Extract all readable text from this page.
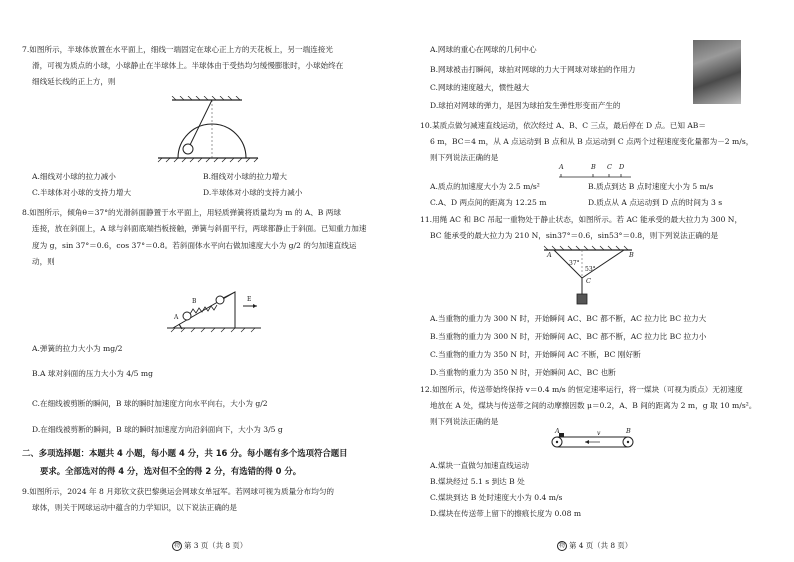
7.如图所示，半球体放置在水平面上，细线一端固定在球心正上方的天花板上，另一端连接光
滑，可视为质点的小球，小球静止在半球体上。半球体由于受热均匀缓慢膨胀时，小球始终在
细线延长线的正上方，则
A.细线对小球的拉力减小	B.细线对小球的拉力增大
C.半球体对小球的支持力增大	D.半球体对小球的支持力减小
8.如图所示，倾角θ＝37°的光滑斜面静置于水平面上，用轻质弹簧将质量均为 m 的 A、B 两球
连接，放在斜面上，A 球与斜面底端挡板接触，弹簧与斜面平行，两球都静止于斜面。已知重力加速
度为 g，sin 37°＝0.6，cos 37°＝0.8。若斜面体水平向右做加速度大小为 g/2 的匀加速直线运
动，则
B
A
E
A.弹簧的拉力大小为 mg/2
B.A 球对斜面的压力大小为 4/5 mg
C.在细线被剪断的瞬间，B 球的瞬时加速度方向水平向右，大小为 g/2
D.在细线被剪断的瞬间，B 球的瞬时加速度方向沿斜面向下，大小为 3/5 g
二、多项选择题：本题共 4 小题，每小题 4 分，共 16 分。每小题有多个选项符合题目
要求。全部选对的得 4 分，选对但不全的得 2 分，有选错的得 0 分。
9.如图所示，2024 年 8 月郑钦文获巴黎奥运会网球女单冠军。若网球可视为质量分布均匀的
球体，则关于网球运动中蕴含的力学知识，以下说法正确的是
物 第 3 页（共 8 页）
A.网球的重心在网球的几何中心
B.网球被击打瞬间，球拍对网球的力大于网球对球拍的作用力
C.网球的速度越大，惯性越大
D.球拍对网球的弹力，是因为球拍发生弹性形变而产生的
10.某质点做匀减速直线运动，依次经过 A、B、C 三点，最后停在 D 点。已知 AB＝
6 m，BC＝4 m，从 A 点运动到 B 点和从 B 点运动到 C 点两个过程速度变化量都为－2 m/s，
则下列说法正确的是
A	B C D
A.质点的加速度大小为 2.5 m/s²	B.质点到达 B 点时速度大小为 5 m/s
C.A、D 两点间的距离为 12.25 m	D.质点从 A 点运动到 D 点的时间为 3 s
11.用绳 AC 和 BC 吊起一重物处于静止状态，如图所示。若 AC 能承受的最大拉力为 300 N，
BC 能承受的最大拉力为 210 N，sin37°＝0.6，sin53°＝0.8，则下列说法正确的是
A	B
C
37°
53°
A.当重物的重力为 300 N 时，开始瞬间 AC、BC 都不断，AC 拉力比 BC 拉力大
B.当重物的重力为 300 N 时，开始瞬间 AC、BC 都不断，AC 拉力比 BC 拉力小
C.当重物的重力为 350 N 时，开始瞬间 AC 不断，BC 刚好断
D.当重物的重力为 350 N 时，开始瞬间 AC、BC 也断
12.如图所示，传送带始终保持 v＝0.4 m/s 的恒定速率运行，将一煤块（可视为质点）无初速度
地放在 A 处，煤块与传送带之间的动摩擦因数 μ＝0.2，A、B 间的距离为 2 m，g 取 10 m/s²。
则下列说法正确的是
A	B
v
A.煤块一直做匀加速直线运动
B.煤块经过 5.1 s 到达 B 处
C.煤块到达 B 处时速度大小为 0.4 m/s
D.煤块在传送带上留下的擦痕长度为 0.08 m
物 第 4 页（共 8 页）
